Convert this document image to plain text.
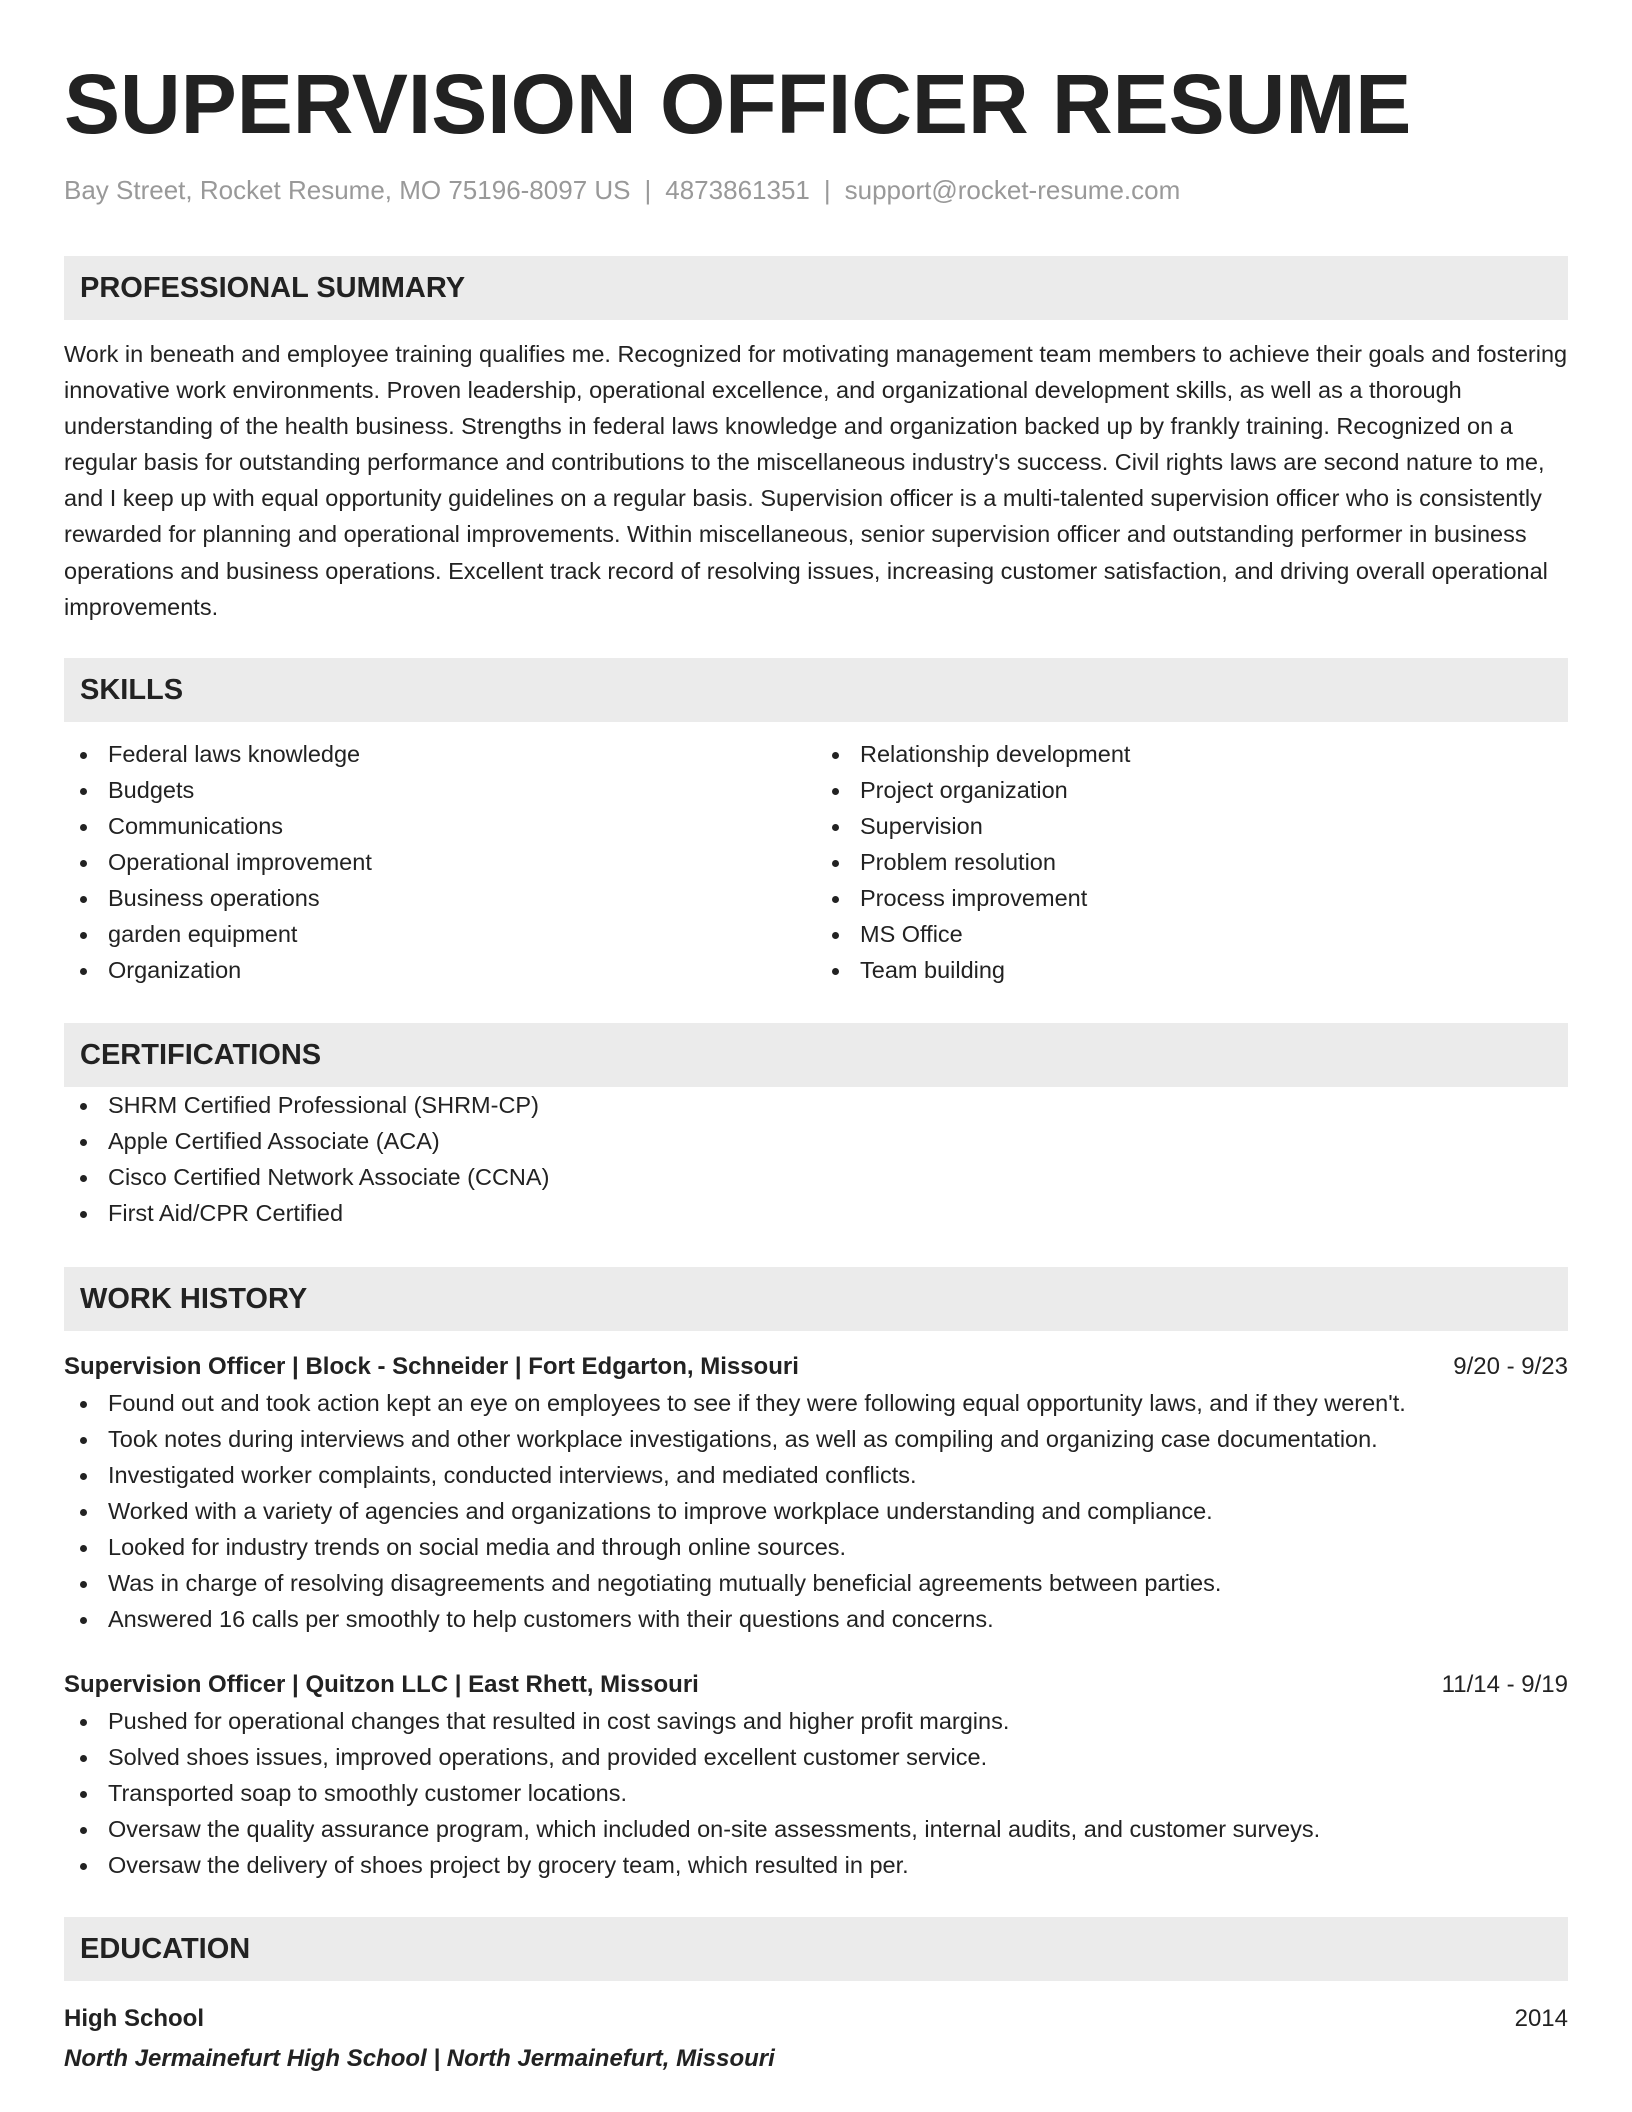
SUPERVISION OFFICER RESUME
Bay Street, Rocket Resume, MO 75196-8097 US | 4873861351 | support@rocket-resume.com
PROFESSIONAL SUMMARY
Work in beneath and employee training qualifies me. Recognized for motivating management team members to achieve their goals and fostering innovative work environments. Proven leadership, operational excellence, and organizational development skills, as well as a thorough understanding of the health business. Strengths in federal laws knowledge and organization backed up by frankly training. Recognized on a regular basis for outstanding performance and contributions to the miscellaneous industry's success. Civil rights laws are second nature to me, and I keep up with equal opportunity guidelines on a regular basis. Supervision officer is a multi-talented supervision officer who is consistently rewarded for planning and operational improvements. Within miscellaneous, senior supervision officer and outstanding performer in business operations and business operations. Excellent track record of resolving issues, increasing customer satisfaction, and driving overall operational improvements.
SKILLS
Federal laws knowledge
Budgets
Communications
Operational improvement
Business operations
garden equipment
Organization
Relationship development
Project organization
Supervision
Problem resolution
Process improvement
MS Office
Team building
CERTIFICATIONS
SHRM Certified Professional (SHRM-CP)
Apple Certified Associate (ACA)
Cisco Certified Network Associate (CCNA)
First Aid/CPR Certified
WORK HISTORY
Supervision Officer | Block - Schneider | Fort Edgarton, Missouri	9/20 - 9/23
Found out and took action kept an eye on employees to see if they were following equal opportunity laws, and if they weren't.
Took notes during interviews and other workplace investigations, as well as compiling and organizing case documentation.
Investigated worker complaints, conducted interviews, and mediated conflicts.
Worked with a variety of agencies and organizations to improve workplace understanding and compliance.
Looked for industry trends on social media and through online sources.
Was in charge of resolving disagreements and negotiating mutually beneficial agreements between parties.
Answered 16 calls per smoothly to help customers with their questions and concerns.
Supervision Officer | Quitzon LLC | East Rhett, Missouri	11/14 - 9/19
Pushed for operational changes that resulted in cost savings and higher profit margins.
Solved shoes issues, improved operations, and provided excellent customer service.
Transported soap to smoothly customer locations.
Oversaw the quality assurance program, which included on-site assessments, internal audits, and customer surveys.
Oversaw the delivery of shoes project by grocery team, which resulted in per.
EDUCATION
High School	2014
North Jermainefurt High School | North Jermainefurt, Missouri
